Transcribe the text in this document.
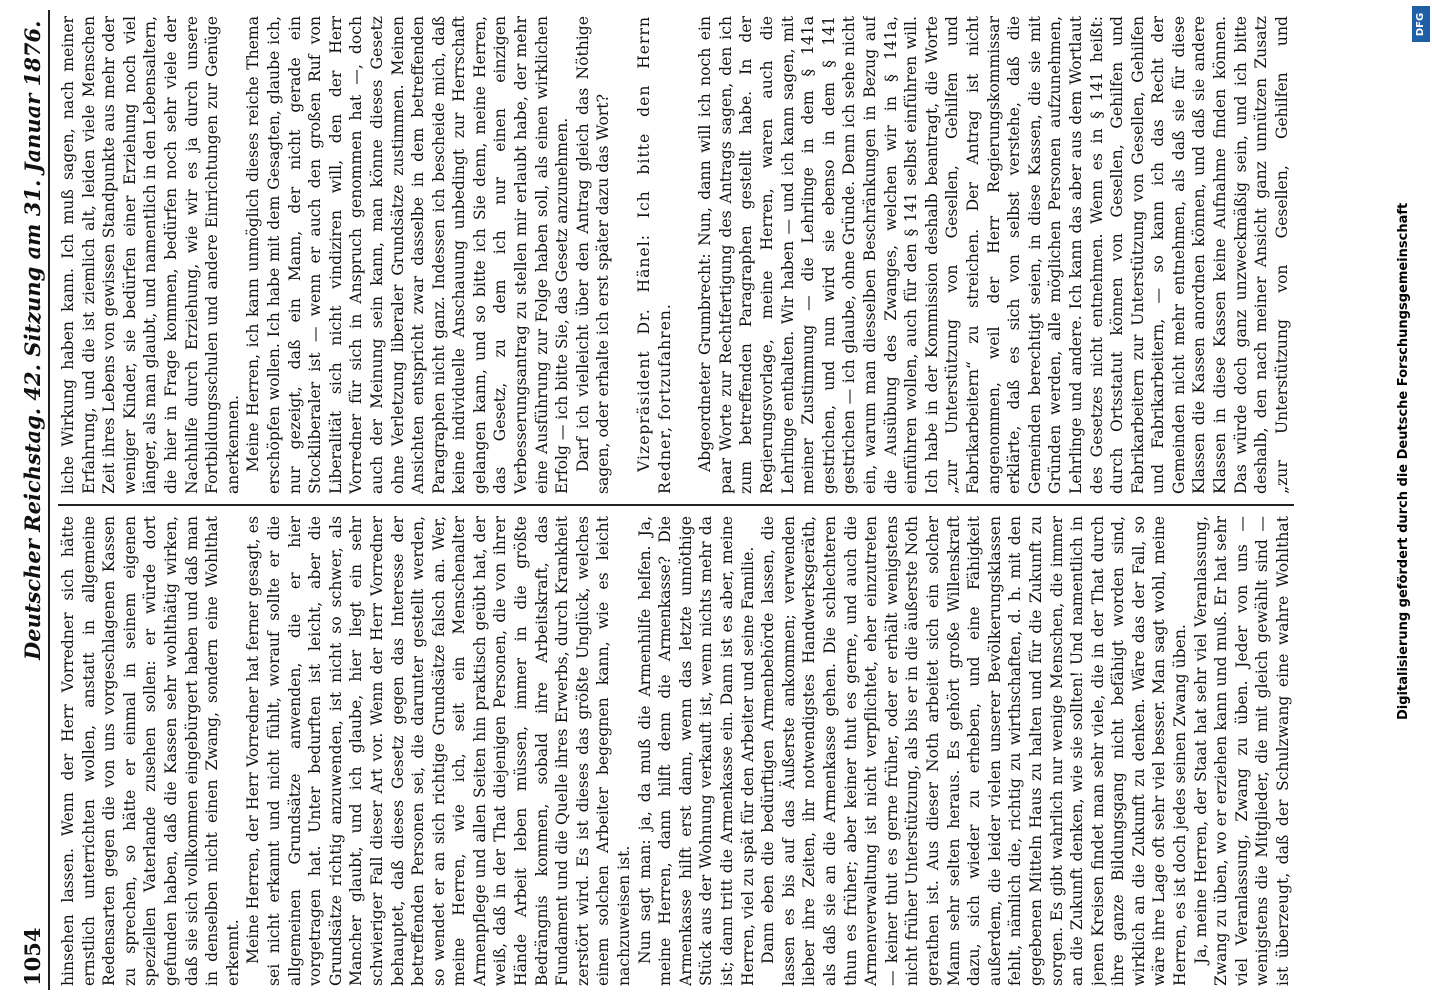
1054
Deutscher Reichstag. 42. Sitzung am 31. Januar 1876.

hinsehen lassen. Wenn der Herr Vorredner sich hätte ernstlich unterrichten wollen, anstatt in allgemeine Redensarten gegen die von uns vorgeschlagenen Kassen zu sprechen, so hätte er einmal in seinem eigenen speziellen Vaterlande zusehen sollen: er würde dort gefunden haben, daß die Kassen sehr wohlthätig wirken, daß sie sich vollkommen eingebürgert haben und daß man in denselben nicht einen Zwang, sondern eine Wohlthat erkennt. Meine Herren, der Herr Vorredner hat ferner gesagt, es sei nicht erkannt und nicht fühlt, worauf sollte er die allgemeinen Grundsätze anwenden, die er hier vorgetragen hat. Unter bedurften ist leicht, aber die Grundsätze richtig anzuwenden, ist nicht so schwer, als Mancher glaubt, und ich glaube, hier liegt ein sehr schwieriger Fall dieser Art vor. Wenn der Herr Vorredner behauptet, daß dieses Gesetz gegen das Interesse der betreffenden Personen sei, die darunter gestellt werden, so wendet er an sich richtige Grundsätze falsch an. Wer, meine Herren, wie ich, seit ein Menschenalter Armenpflege und allen Seiten hin praktisch geübt hat, der weiß, daß in der That diejenigen Personen, die von ihrer Hände Arbeit leben müssen, immer in die größte Bedrängnis kommen, sobald ihre Arbeitskraft, das Fundament und die Quelle ihres Erwerbs, durch Krankheit zerstört wird. Es ist dieses das größte Unglück, welches einem solchen Arbeiter begegnen kann, wie es leicht nachzuweisen ist. Nun sagt man: ja, da muß die Armenhilfe helfen. Ja, meine Herren, dann hilft denn die Armenkasse? Die Armenkasse hilft erst dann, wenn das letzte unnöthige Stück aus der Wohnung verkauft ist, wenn nichts mehr da ist; dann tritt die Armenkasse ein. Dann ist es aber, meine Herren, viel zu spät für den Arbeiter und seine Familie. Dann eben die bedürftigen Armenbehörde lassen, die lassen es bis auf das Äußerste ankommen; verwenden lieber ihre Zeiten, ihr notwendigstes Handwerksgeräth, als daß sie an die Armenkasse gehen. Die schlechteren thun es früher; aber keiner thut es gerne, und auch die Armenverwaltung ist nicht verpflichtet, eher einzutreten — keiner thut es gerne früher, oder er erhält wenigstens nicht früher Unterstützung, als bis er in die äußerste Noth gerathen ist. Aus dieser Noth arbeitet sich ein solcher Mann sehr selten heraus. Es gehört große Willenskraft dazu, sich wieder zu erheben, und eine Fähigkeit außerdem, die leider vielen unserer Bevölkerungsklassen fehlt, nämlich die, richtig zu wirthschaften, d. h. mit den gegebenen Mitteln Haus zu halten und für die Zukunft zu sorgen. Es gibt wahrlich nur wenige Menschen, die immer an die Zukunft denken, wie sie sollten! Und namentlich in jenen Kreisen findet man sehr viele, die in der That durch ihre ganze Bildungsgang nicht befähigt worden sind, wirklich an die Zukunft zu denken. Wäre das der Fall, so wäre ihre Lage oft sehr viel besser. Man sagt wohl, meine Herren, es ist doch jedes seinen Zwang üben. Ja, meine Herren, der Staat hat sehr viel Veranlassung, Zwang zu üben, wo er erziehen kann und muß. Er hat sehr viel Veranlassung, Zwang zu üben. Jeder von uns — wenigstens die Mitglieder, die mit gleich gewählt sind — ist überzeugt, daß der Schulzwang eine wahre Wohlthat

liche Wirkung haben kann. Ich muß sagen, nach meiner Erfahrung, und die ist ziemlich alt, leiden viele Menschen Zeit ihres Lebens von gewissen Standpunkte aus mehr oder weniger Kinder, sie bedürfen einer Erziehung noch viel länger, als man glaubt, und namentlich in den Lebensaltern, die hier in Frage kommen, bedürfen noch sehr viele der Nachhilfe durch Erziehung, wie wir es ja durch unsere Fortbildungsschulen und andere Einrichtungen zur Genüge anerkennen. Meine Herren, ich kann unmöglich dieses reiche Thema erschöpfen wollen. Ich habe mit dem Gesagten, glaube ich, nur gezeigt, daß ein Mann, der nicht gerade ein Stockliberaler ist — wenn er auch den großen Ruf von Liberalität sich nicht vindiziren will, den der Herr Vorredner für sich in Anspruch genommen hat —, doch auch der Meinung sein kann, man könne dieses Gesetz ohne Verletzung liberaler Grundsätze zustimmen. Meinen Ansichten entspricht zwar dasselbe in dem betreffenden Paragraphen nicht ganz. Indessen ich bescheide mich, daß keine individuelle Anschauung unbedingt zur Herrschaft gelangen kann, und so bitte ich Sie denn, meine Herren, das Gesetz, zu dem ich nur einen einzigen Verbesserungsantrag zu stellen mir erlaubt habe, der mehr eine Ausführung zur Folge haben soll, als einen wirklichen Erfolg — ich bitte Sie, das Gesetz anzunehmen. Darf ich vielleicht über den Antrag gleich das Nöthige sagen, oder erhalte ich erst später dazu das Wort? Vizepräsident Dr. Hänel: Ich bitte den Herrn Redner, fortzufahren. Abgeordneter Grumbrecht: Nun, dann will ich noch ein paar Worte zur Rechtfertigung des Antrags sagen, den ich zum betreffenden Paragraphen gestellt habe. In der Regierungsvorlage, meine Herren, waren auch die Lehrlinge enthalten. Wir haben — und ich kann sagen, mit meiner Zustimmung — die Lehrlinge in dem § 141a gestrichen, und nun wird sie ebenso in dem § 141 gestrichen — ich glaube, ohne Gründe. Denn ich sehe nicht ein, warum man diesselben Beschränkungen in Bezug auf die Ausübung des Zwanges, welchen wir in § 141a, einführen wollen, auch für den § 141 selbst einführen will. Ich habe in der Kommission deshalb beantragt, die Worte „zur Unterstützung von Gesellen, Gehilfen und Fabrikarbeitern“ zu streichen. Der Antrag ist nicht angenommen, weil der Herr Regierungskommissar erklärte, daß es sich von selbst verstehe, daß die Gemeinden berechtigt seien, in diese Kassen, die sie mit Gründen werden, alle möglichen Personen aufzunehmen, Lehrlinge und andere. Ich kann das aber aus dem Wortlaut des Gesetzes nicht entnehmen. Wenn es in § 141 heißt: durch Ortsstatut können von Gesellen, Gehilfen und Fabrikarbeitern zur Unterstützung von Gesellen, Gehilfen und Fabrikarbeitern, — so kann ich das Recht der Gemeinden nicht mehr entnehmen, als daß sie für diese Klassen die Kassen anordnen können, und daß sie andere Klassen in diese Kassen keine Aufnahme finden können. Das würde doch ganz unzweckmäßig sein, und ich bitte deshalb, den nach meiner Ansicht ganz unnützen Zusatz „zur Unterstützung von Gesellen, Gehilfen und

Digitalisierung gefördert durch die Deutsche Forschungsgemeinschaft
DFG
